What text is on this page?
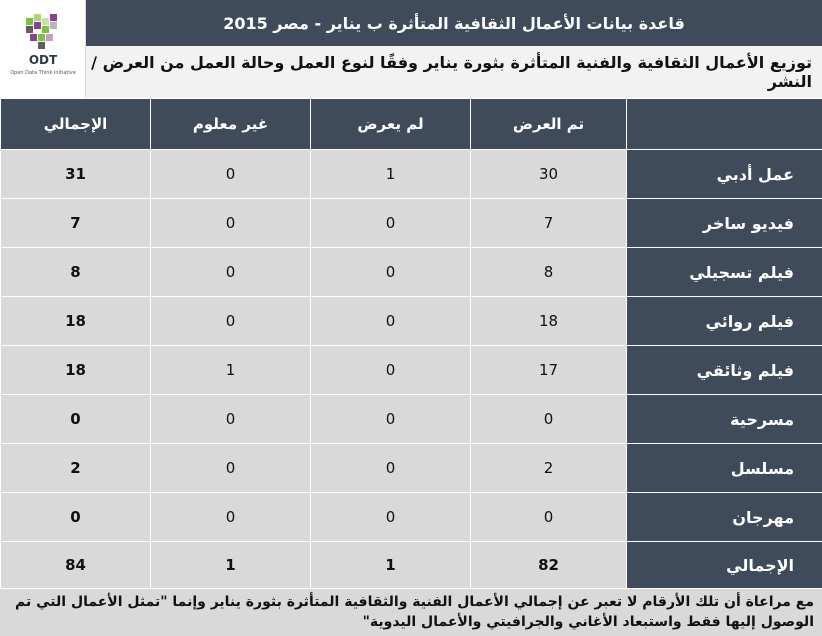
ODT
Open Data Think Initiative
قاعدة بيانات الأعمال الثقافية المتأثرة ب يناير - مصر 2015
توزيع الأعمال الثقافية والفنية المتأثرة بثورة يناير وفقًا لنوع العمل وحالة العمل من العرض / النشر
	تم العرض	لم يعرض	غير معلوم	الإجمالي
عمل أدبي	30	1	0	31
فيديو ساخر	7	0	0	7
فيلم تسجيلي	8	0	0	8
فيلم روائي	18	0	0	18
فيلم وثائقي	17	0	1	18
مسرحية	0	0	0	0
مسلسل	2	0	0	2
مهرجان	0	0	0	0
الإجمالي	82	1	1	84
مع مراعاة أن تلك الأرقام لا تعبر عن إجمالي الأعمال الفنية والثقافية المتأثرة بثورة يناير وإنما "تمثل الأعمال التي تم الوصول إليها فقط واستبعاد الأغاني والجرافيتي والأعمال اليدوية"
